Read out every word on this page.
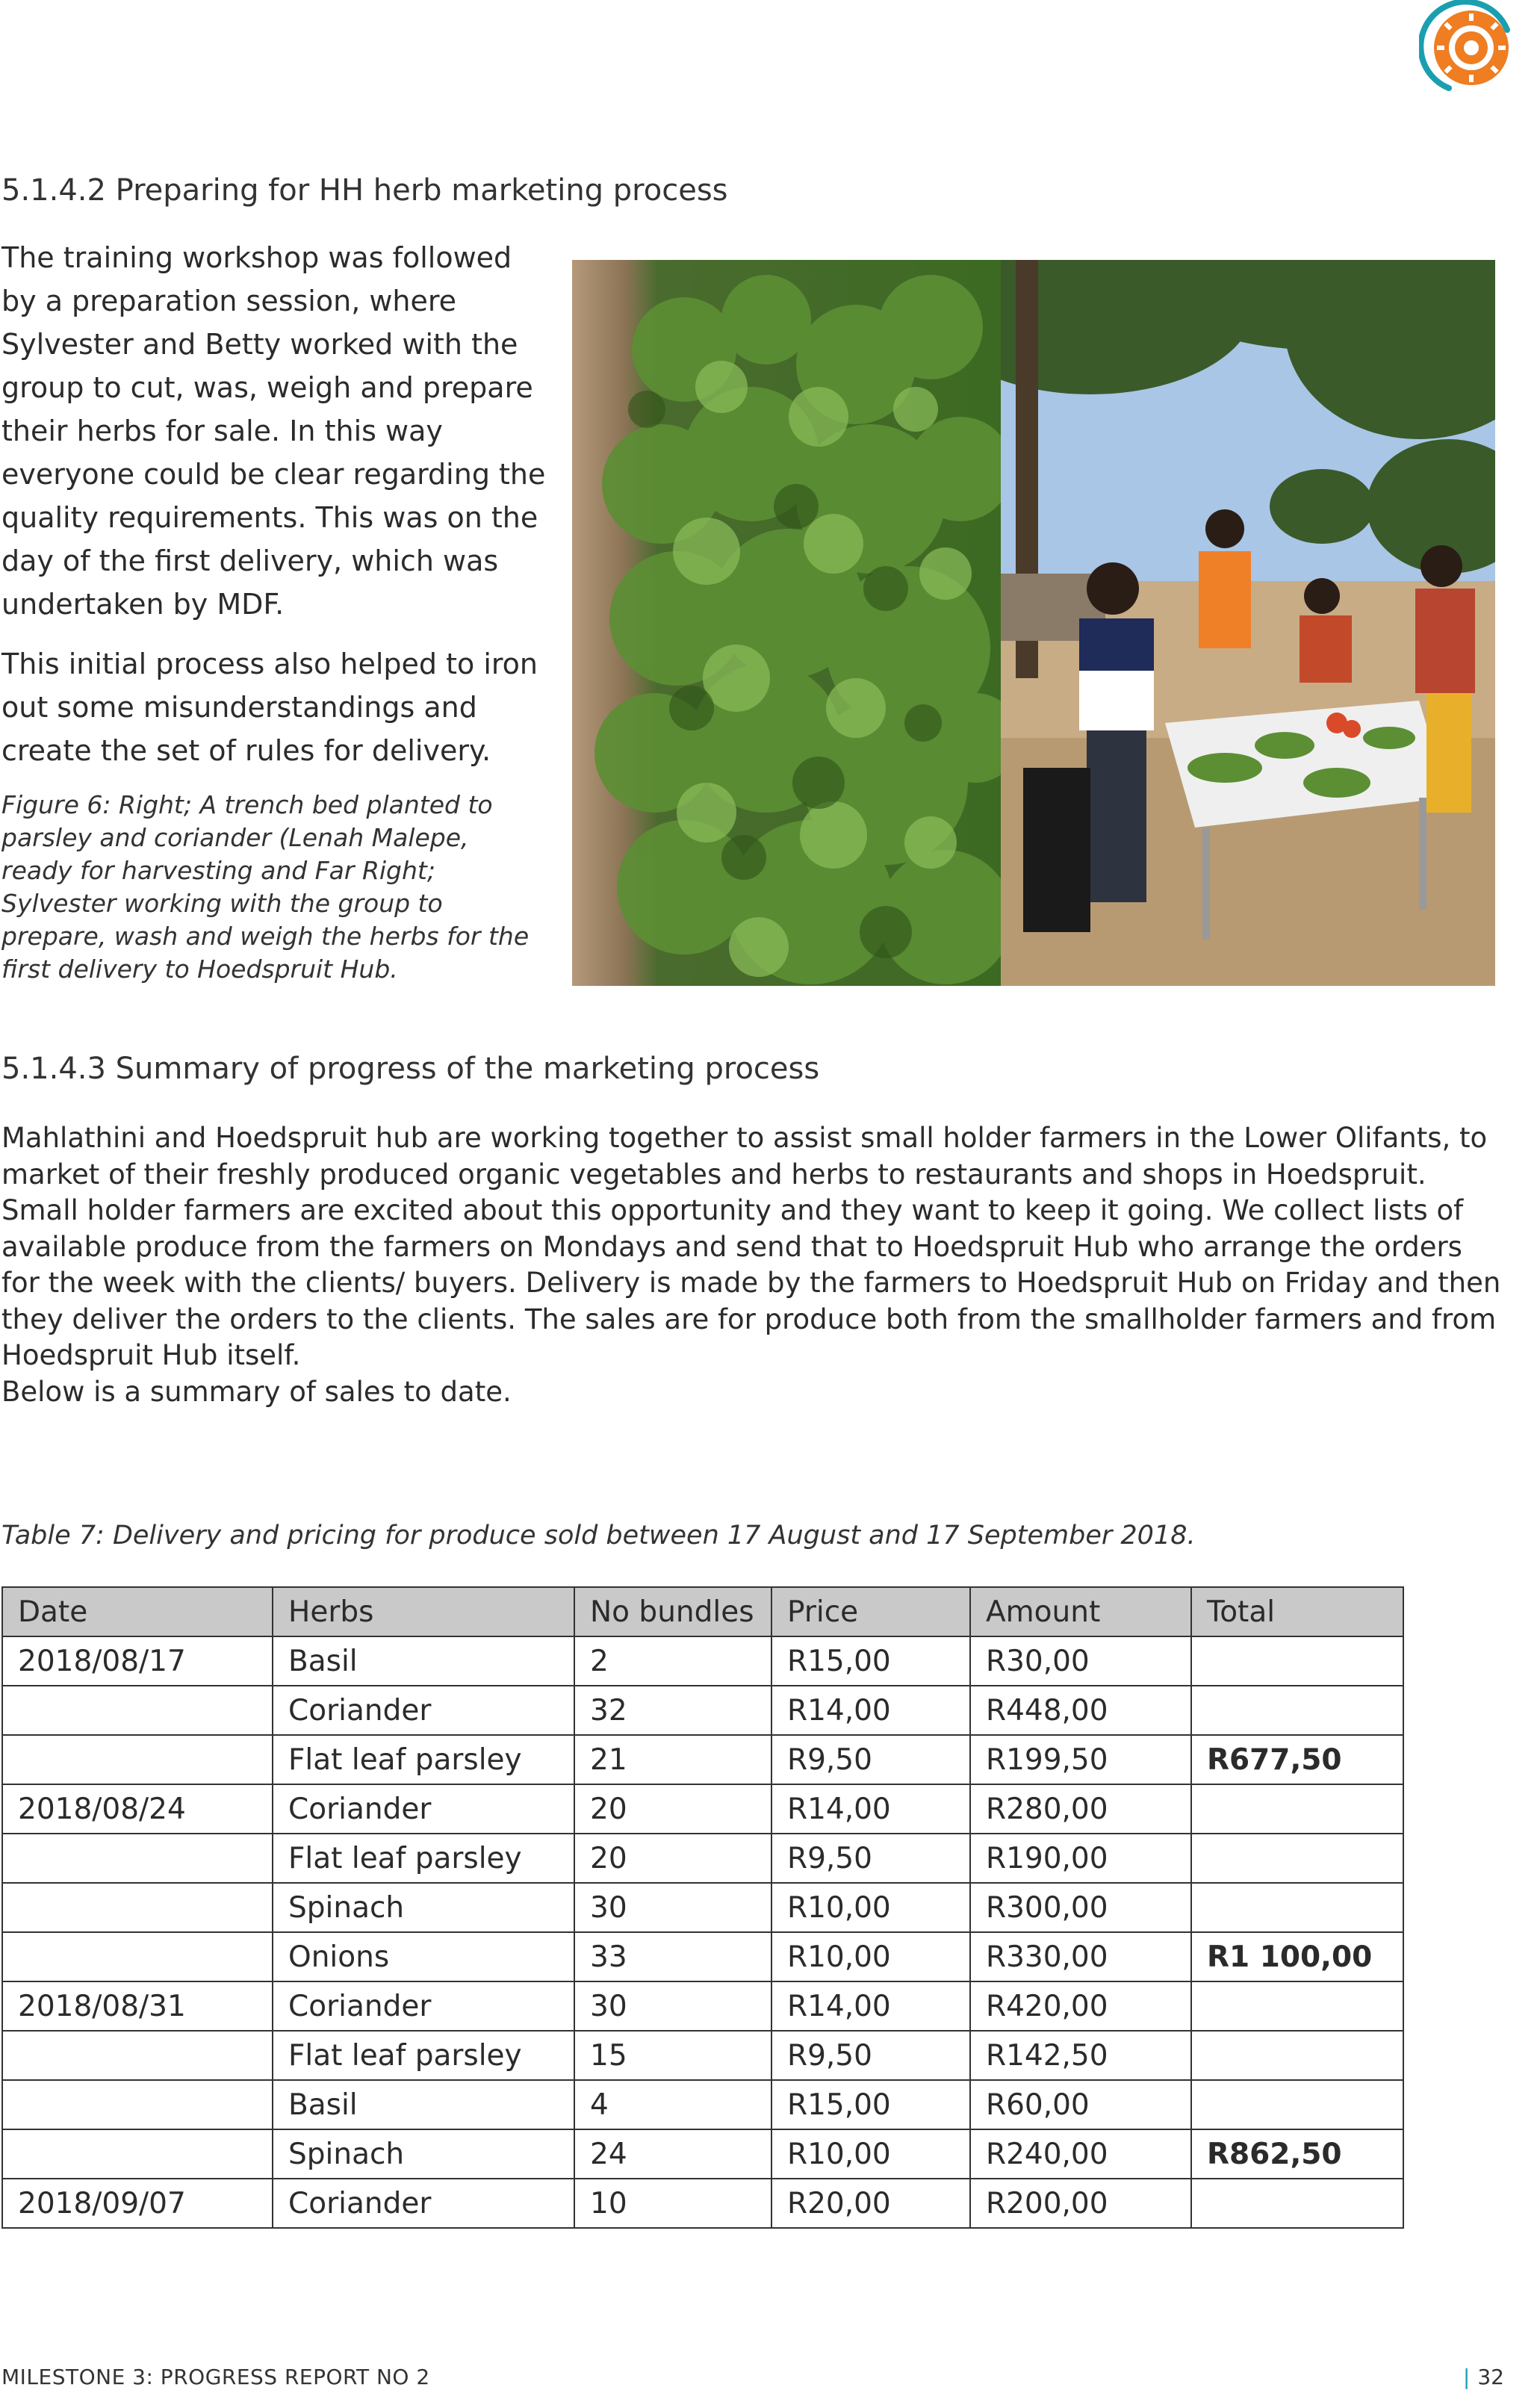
5.1.4.2 Preparing for HH herb marketing process

The training workshop was followed by a preparation session, where Sylvester and Betty worked with the group to cut, was, weigh and prepare their herbs for sale. In this way everyone could be clear regarding the quality requirements. This was on the day of the first delivery, which was undertaken by MDF.

This initial process also helped to iron out some misunderstandings and create the set of rules for delivery.

Figure 6: Right; A trench bed planted to parsley and coriander (Lenah Malepe, ready for harvesting and Far Right; Sylvester working with the group to prepare, wash and weigh the herbs for the first delivery to Hoedspruit Hub.
5.1.4.3 Summary of progress of the marketing process

Mahlathini and Hoedspruit hub are working together to assist small holder farmers in the Lower Olifants, to market of their freshly produced organic vegetables and herbs to restaurants and shops in Hoedspruit. Small holder farmers are excited about this opportunity and they want to keep it going. We collect lists of available produce from the farmers on Mondays and send that to Hoedspruit Hub who arrange the orders for the week with the clients/ buyers. Delivery is made by the farmers to Hoedspruit Hub on Friday and then they deliver the orders to the clients. The sales are for produce both from the smallholder farmers and from Hoedspruit Hub itself.

Below is a summary of sales to date.

Table 7: Delivery and pricing for produce sold between 17 August and 17 September 2018.
Date	Herbs	No bundles	Price	Amount	Total
2018/08/17	Basil	2	R15,00	R30,00	
	Coriander	32	R14,00	R448,00	
	Flat leaf parsley	21	R9,50	R199,50	R677,50
2018/08/24	Coriander	20	R14,00	R280,00	
	Flat leaf parsley	20	R9,50	R190,00	
	Spinach	30	R10,00	R300,00	
	Onions	33	R10,00	R330,00	R1 100,00
2018/08/31	Coriander	30	R14,00	R420,00	
	Flat leaf parsley	15	R9,50	R142,50	
	Basil	4	R15,00	R60,00	
	Spinach	24	R10,00	R240,00	R862,50
2018/09/07	Coriander	10	R20,00	R200,00	
MILESTONE 3: PROGRESS REPORT NO 2	| 32
